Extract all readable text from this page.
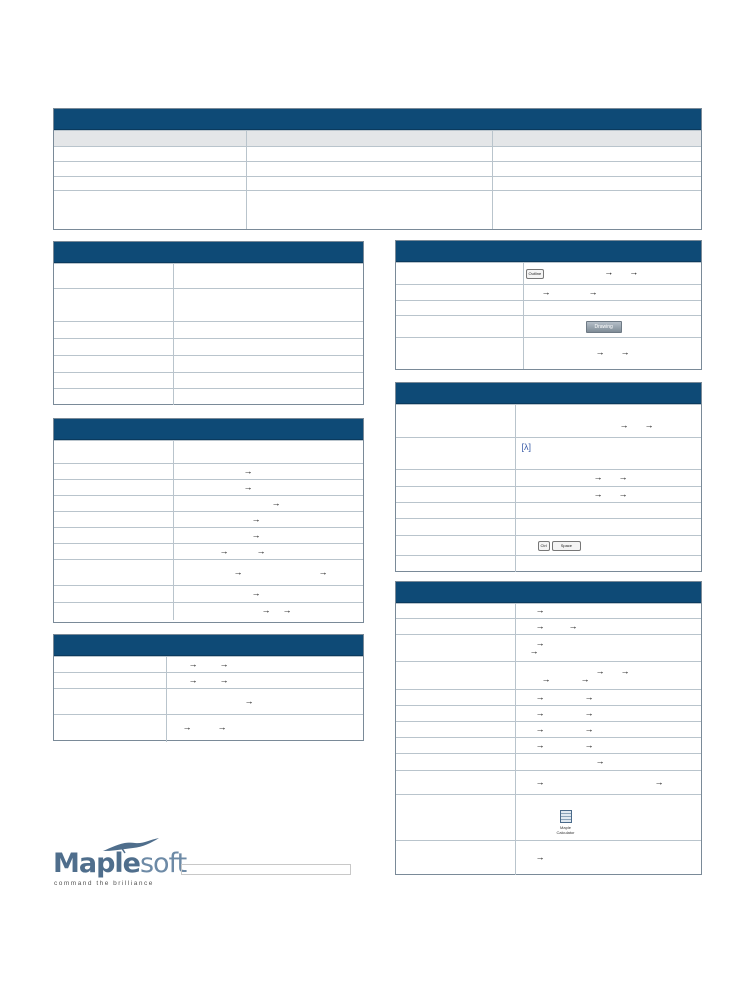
	→
	→
	→
	→
	→
	→ →
	→ →
	→
	→ →
	→ →
	→ →
	→
	→ →
	Outline → →
	→ →

	Drawing
	→ →
	→ →
	[λ]
	→ →
	→ →

	Ctrl Space

	→
	→ →

	→
→

	→ →
→ →

	→ →
	→ →
	→ →
	→ →
	→
	→ →

	Maple Calculator

	→
Maplesoft
command the brilliance
